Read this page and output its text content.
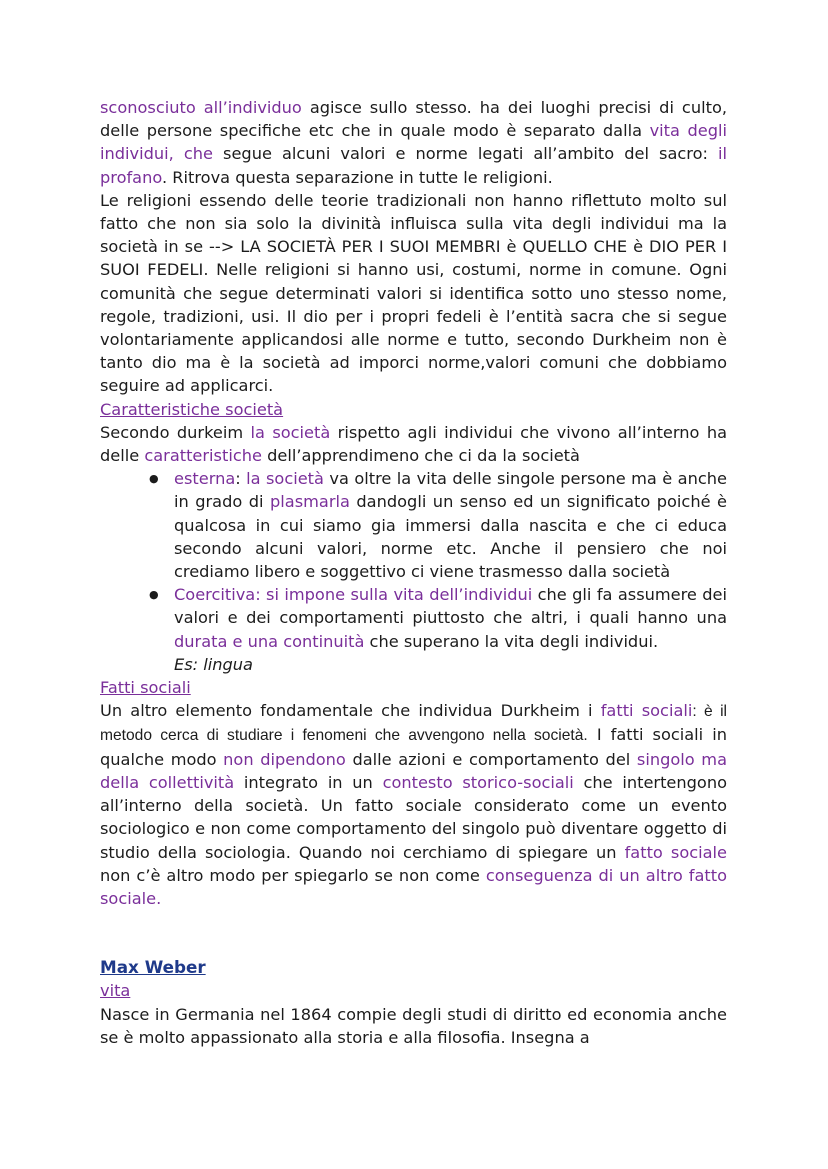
sconosciuto all’individuo agisce sullo stesso. ha dei luoghi precisi di culto, delle persone specifiche etc che in quale modo è separato dalla vita degli individui, che segue alcuni valori e norme legati all’ambito del sacro: il profano. Ritrova questa separazione in tutte le religioni.

Le religioni essendo delle teorie tradizionali non hanno riflettuto molto sul fatto che non sia solo la divinità influisca sulla vita degli individui ma la società in se --> LA SOCIETÀ PER I SUOI MEMBRI è QUELLO CHE è DIO PER I SUOI FEDELI. Nelle religioni si hanno usi, costumi, norme in comune. Ogni comunità che segue determinati valori si identifica sotto uno stesso nome, regole, tradizioni, usi. Il dio per i propri fedeli è l’entità sacra che si segue volontariamente applicandosi alle norme e tutto, secondo Durkheim non è tanto dio ma è la società ad imporci norme,valori comuni che dobbiamo seguire ad applicarci.

Caratteristiche società

Secondo durkeim la società rispetto agli individui che vivono all’interno ha delle caratteristiche dell’apprendimeno che ci da la società

● esterna: la società va oltre la vita delle singole persone ma è anche in grado di plasmarla dandogli un senso ed un significato poiché è qualcosa in cui siamo gia immersi dalla nascita e che ci educa secondo alcuni valori, norme etc. Anche il pensiero che noi crediamo libero e soggettivo ci viene trasmesso dalla società
● Coercitiva: si impone sulla vita dell’individui che gli fa assumere dei valori e dei comportamenti piuttosto che altri, i quali hanno una durata e una continuità che superano la vita degli individui.
Es: lingua
Fatti sociali

Un altro elemento fondamentale che individua Durkheim i fatti sociali: è il metodo cerca di studiare i fenomeni che avvengono nella società. I fatti sociali in qualche modo non dipendono dalle azioni e comportamento del singolo ma della collettività integrato in un contesto storico-sociali che intertengono all’interno della società. Un fatto sociale considerato come un evento sociologico e non come comportamento del singolo può diventare oggetto di studio della sociologia. Quando noi cerchiamo di spiegare un fatto sociale non c’è altro modo per spiegarlo se non come conseguenza di un altro fatto sociale.

Max Weber
vita

Nasce in Germania nel 1864 compie degli studi di diritto ed economia anche se è molto appassionato alla storia e alla filosofia. Insegna a
